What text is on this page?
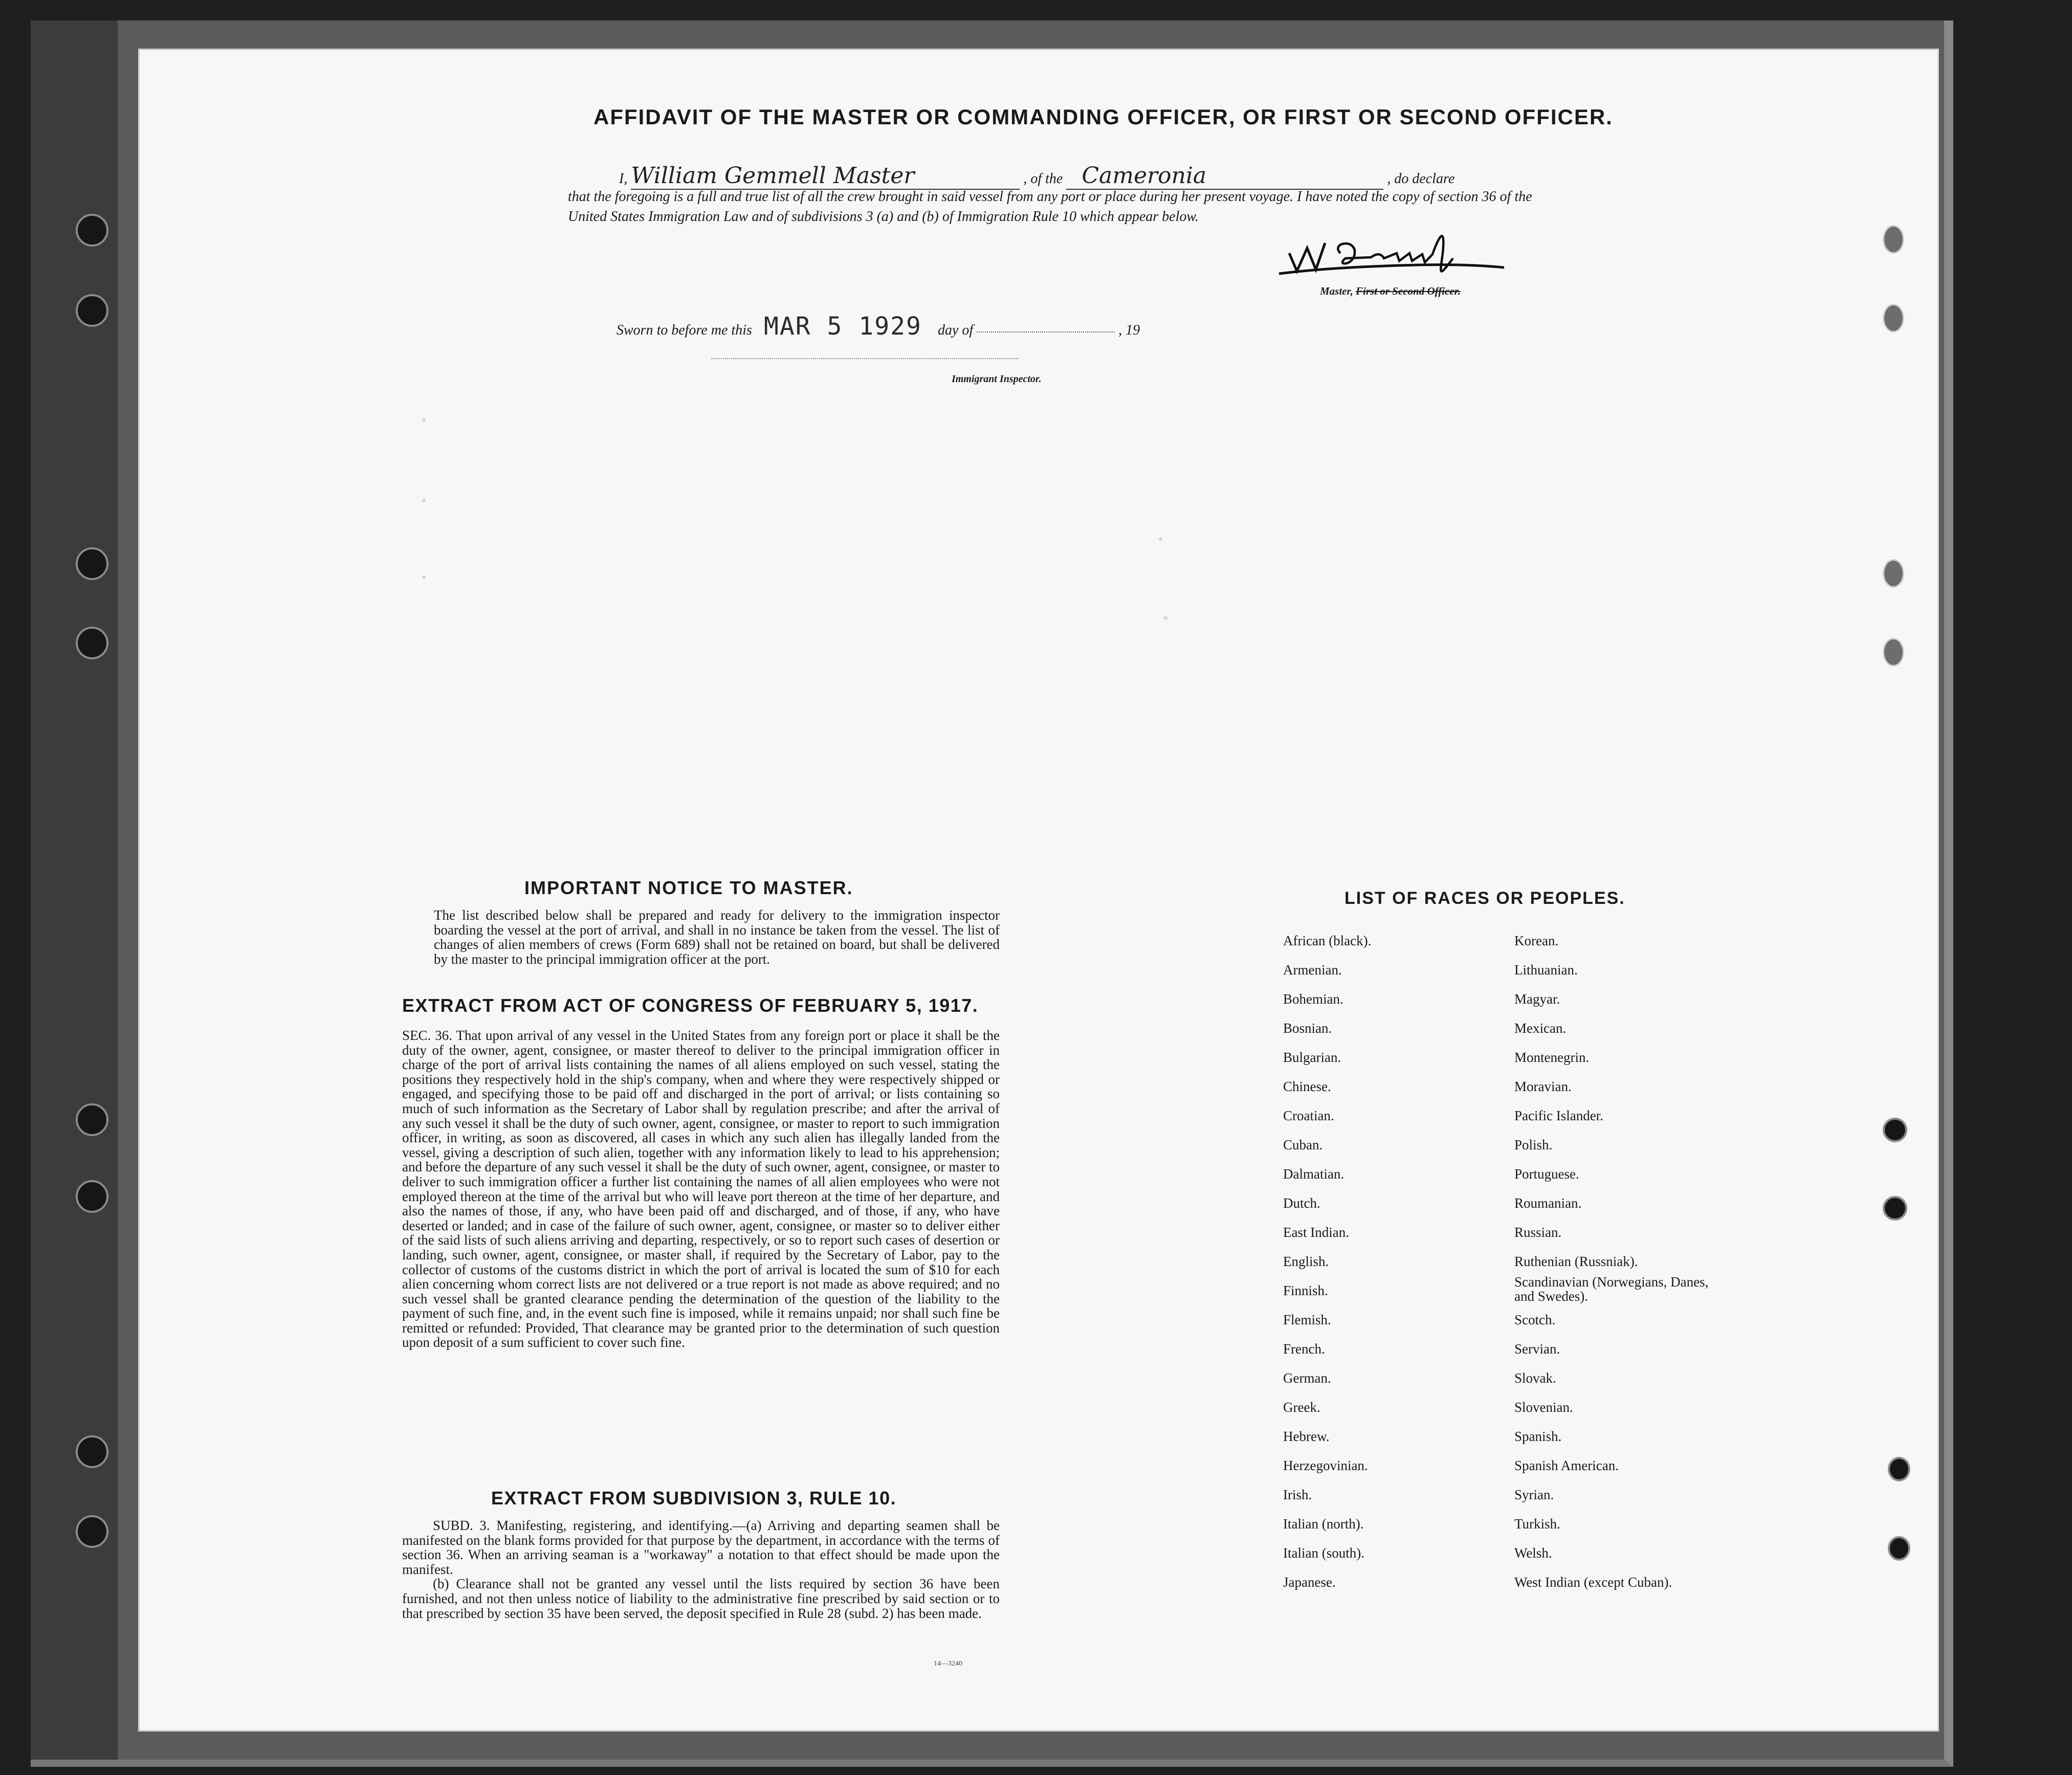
AFFIDAVIT OF THE MASTER OR COMMANDING OFFICER, OR FIRST OR SECOND OFFICER.
I, William Gemmell Master	, of the Cameronia	, do declare
that the foregoing is a full and true list of all the crew brought in said vessel from any port or place during her present voyage. I have noted the copy of section 36 of the United States Immigration Law and of subdivisions 3 (a) and (b) of Immigration Rule 10 which appear below.	W. Gemmell
Master, First or Second Officer.
Sworn to before me this MAR 5 1929 day of	, 19
Immigrant Inspector.
IMPORTANT NOTICE TO MASTER.
The list described below shall be prepared and ready for delivery to the immigration inspector boarding the vessel at the port of arrival, and shall in no instance be taken from the vessel. The list of changes of alien members of crews (Form 689) shall not be retained on board, but shall be delivered by the master to the principal immigration officer at the port.
EXTRACT FROM ACT OF CONGRESS OF FEBRUARY 5, 1917.
SEC. 36. That upon arrival of any vessel in the United States from any foreign port or place it shall be the duty of the owner, agent, consignee, or master thereof to deliver to the principal immigration officer in charge of the port of arrival lists containing the names of all aliens employed on such vessel, stating the positions they respectively hold in the ship's company, when and where they were respectively shipped or engaged, and specifying those to be paid off and discharged in the port of arrival; or lists containing so much of such information as the Secretary of Labor shall by regulation prescribe; and after the arrival of any such vessel it shall be the duty of such owner, agent, consignee, or master to report to such immigration officer, in writing, as soon as discovered, all cases in which any such alien has illegally landed from the vessel, giving a description of such alien, together with any information likely to lead to his apprehension; and before the departure of any such vessel it shall be the duty of such owner, agent, consignee, or master to deliver to such immigration officer a further list containing the names of all alien employees who were not employed thereon at the time of the arrival but who will leave port thereon at the time of her departure, and also the names of those, if any, who have been paid off and discharged, and of those, if any, who have deserted or landed; and in case of the failure of such owner, agent, consignee, or master so to deliver either of the said lists of such aliens arriving and departing, respectively, or so to report such cases of desertion or landing, such owner, agent, consignee, or master shall, if required by the Secretary of Labor, pay to the collector of customs of the customs district in which the port of arrival is located the sum of $10 for each alien concerning whom correct lists are not delivered or a true report is not made as above required; and no such vessel shall be granted clearance pending the determination of the question of the liability to the payment of such fine, and, in the event such fine is imposed, while it remains unpaid; nor shall such fine be remitted or refunded: Provided, That clearance may be granted prior to the determination of such question upon deposit of a sum sufficient to cover such fine.
EXTRACT FROM SUBDIVISION 3, RULE 10.
SUBD. 3. Manifesting, registering, and identifying.—(a) Arriving and departing seamen shall be manifested on the blank forms provided for that purpose by the department, in accordance with the terms of section 36. When an arriving seaman is a "workaway" a notation to that effect should be made upon the manifest.
(b) Clearance shall not be granted any vessel until the lists required by section 36 have been furnished, and not then unless notice of liability to the administrative fine prescribed by said section or to that prescribed by section 35 have been served, the deposit specified in Rule 28 (subd. 2) has been made.
14—3240
LIST OF RACES OR PEOPLES.
African (black).
Armenian.
Bohemian.
Bosnian.
Bulgarian.
Chinese.
Croatian.
Cuban.
Dalmatian.
Dutch.
East Indian.
English.
Finnish.
Flemish.
French.
German.
Greek.
Hebrew.
Herzegovinian.
Irish.
Italian (north).
Italian (south).
Japanese.
Korean.
Lithuanian.
Magyar.
Mexican.
Montenegrin.
Moravian.
Pacific Islander.
Polish.
Portuguese.
Roumanian.
Russian.
Ruthenian (Russniak).
Scandinavian (Norwegians, Danes, and Swedes).
Scotch.
Servian.
Slovak.
Slovenian.
Spanish.
Spanish American.
Syrian.
Turkish.
Welsh.
West Indian (except Cuban).
